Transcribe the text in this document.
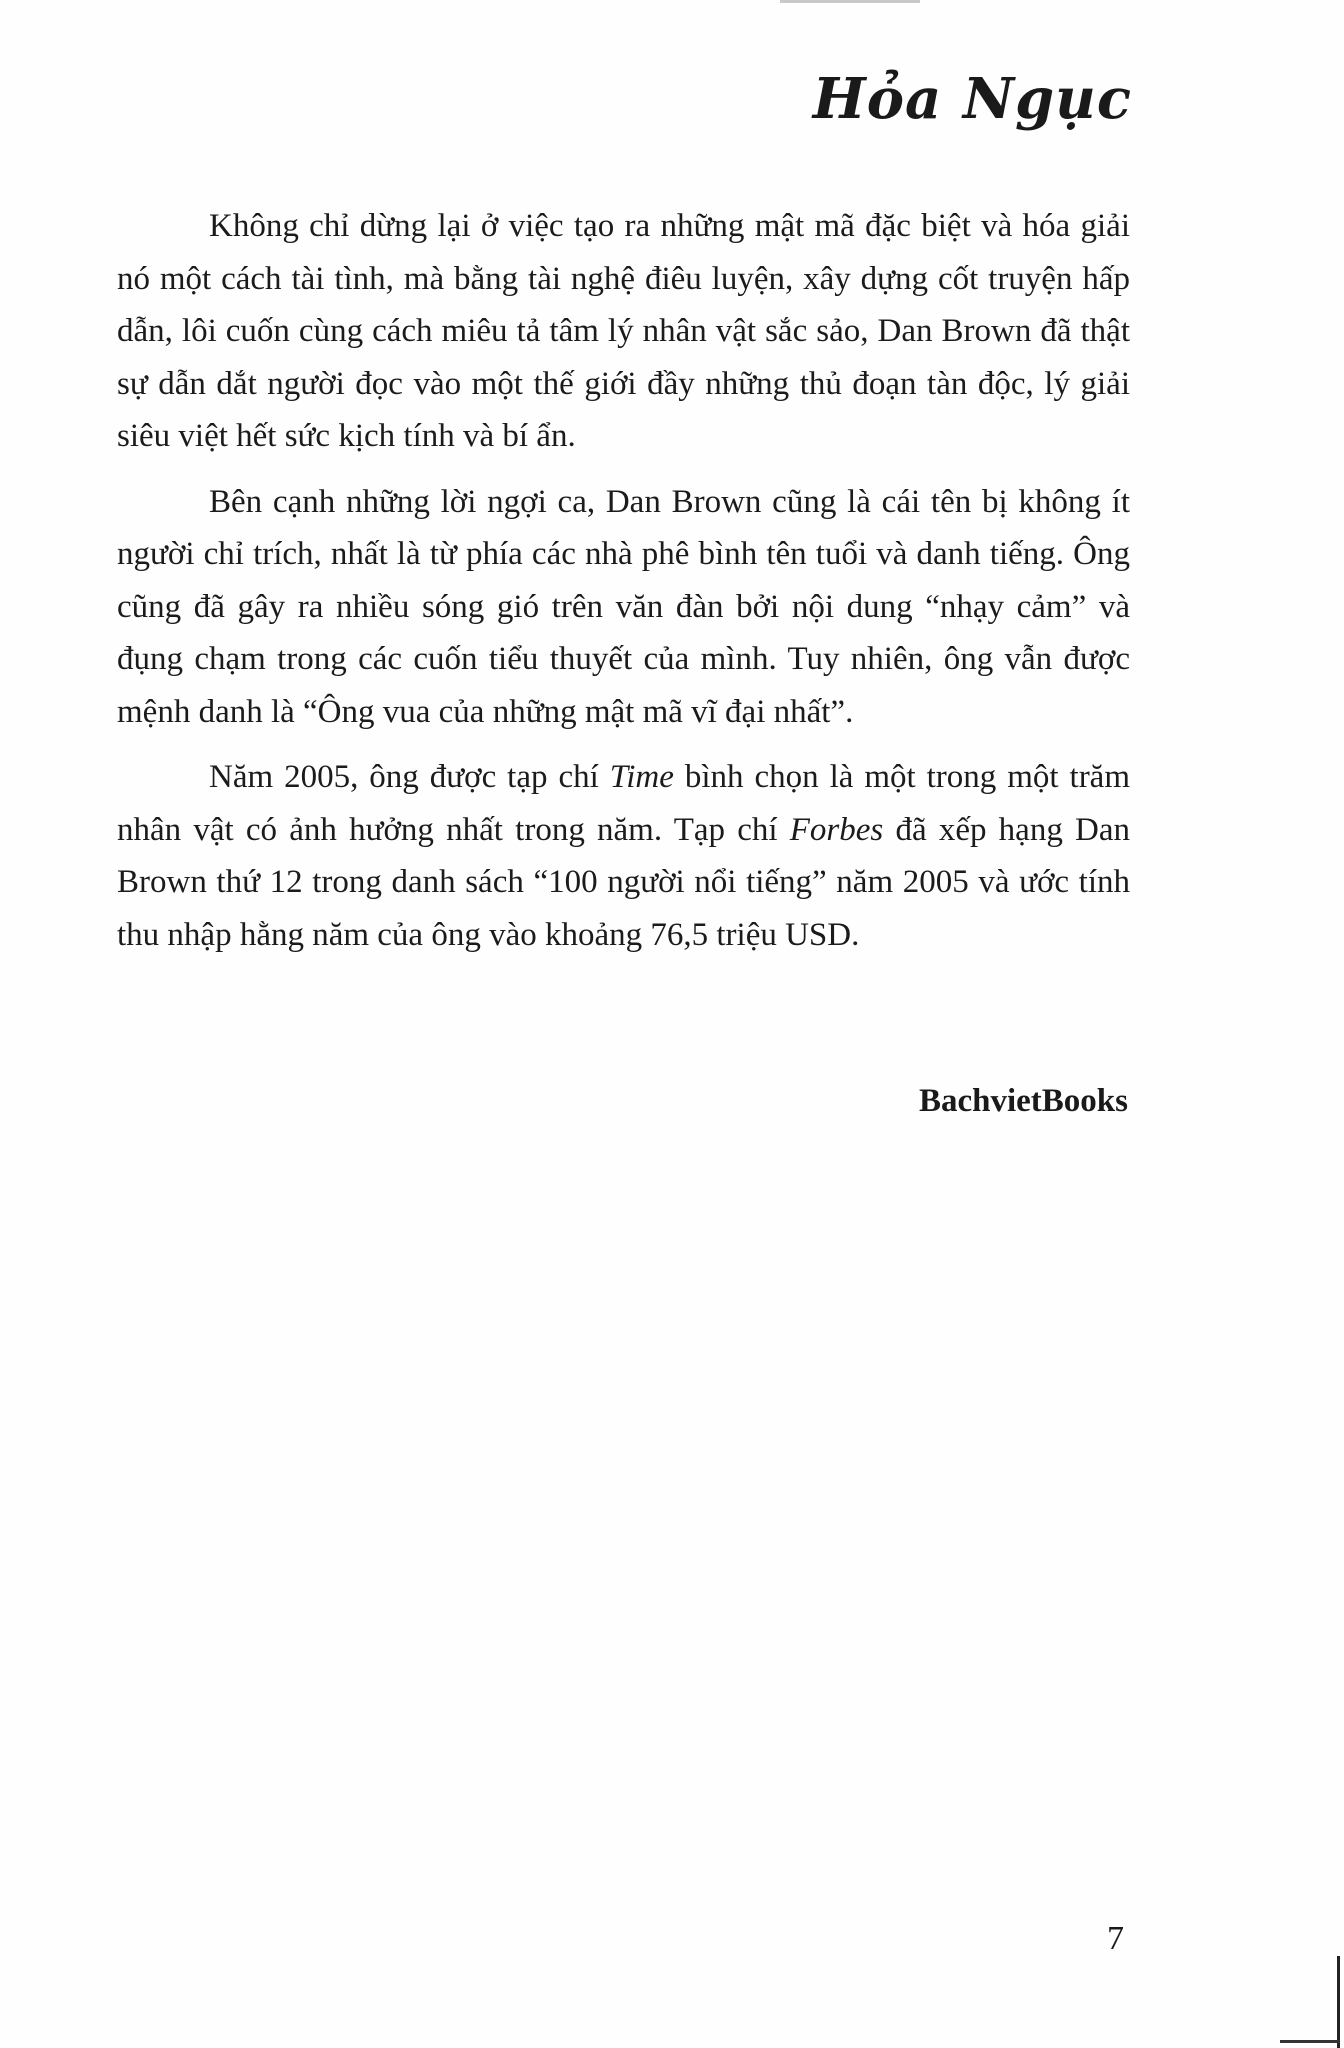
Hỏa Ngục

Không chỉ dừng lại ở việc tạo ra những mật mã đặc biệt và hóa giải nó một cách tài tình, mà bằng tài nghệ điêu luyện, xây dựng cốt truyện hấp dẫn, lôi cuốn cùng cách miêu tả tâm lý nhân vật sắc sảo, Dan Brown đã thật sự dẫn dắt người đọc vào một thế giới đầy những thủ đoạn tàn độc, lý giải siêu việt hết sức kịch tính và bí ẩn.

Bên cạnh những lời ngợi ca, Dan Brown cũng là cái tên bị không ít người chỉ trích, nhất là từ phía các nhà phê bình tên tuổi và danh tiếng. Ông cũng đã gây ra nhiều sóng gió trên văn đàn bởi nội dung “nhạy cảm” và đụng chạm trong các cuốn tiểu thuyết của mình. Tuy nhiên, ông vẫn được mệnh danh là “Ông vua của những mật mã vĩ đại nhất”.

Năm 2005, ông được tạp chí Time bình chọn là một trong một trăm nhân vật có ảnh hưởng nhất trong năm. Tạp chí Forbes đã xếp hạng Dan Brown thứ 12 trong danh sách “100 người nổi tiếng” năm 2005 và ước tính thu nhập hằng năm của ông vào khoảng 76,5 triệu USD.

BachvietBooks
7
